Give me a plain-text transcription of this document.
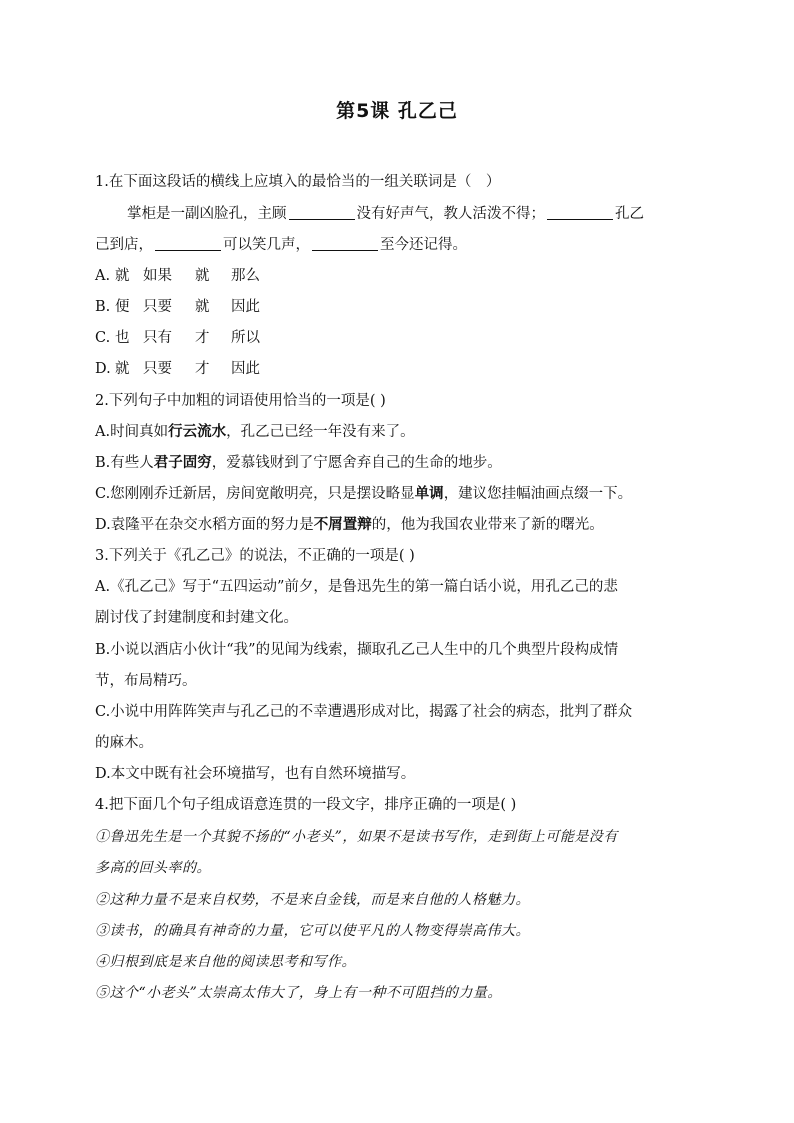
第5课 孔乙己
1.在下面这段话的横线上应填入的最恰当的一组关联词是（　）
掌柜是一副凶脸孔，主顾	没有好声气，教人活泼不得；	孔乙
己到店，	可以笑几声，	至今还记得。
A. 就 如果 就 那么
B. 便 只要 就 因此
C. 也 只有 才 所以
D. 就 只要 才 因此
2.下列句子中加粗的词语使用恰当的一项是( )
A.时间真如行云流水，孔乙己已经一年没有来了。
B.有些人君子固穷，爱慕钱财到了宁愿舍弃自己的生命的地步。
C.您刚刚乔迁新居，房间宽敞明亮，只是摆设略显单调，建议您挂幅油画点缀一下。
D.袁隆平在杂交水稻方面的努力是不屑置辩的，他为我国农业带来了新的曙光。
3.下列关于《孔乙己》的说法，不正确的一项是( )
A.《孔乙己》写于“五四运动”前夕，是鲁迅先生的第一篇白话小说，用孔乙己的悲
剧讨伐了封建制度和封建文化。
B.小说以酒店小伙计“我”的见闻为线索，撷取孔乙己人生中的几个典型片段构成情
节，布局精巧。
C.小说中用阵阵笑声与孔乙己的不幸遭遇形成对比，揭露了社会的病态，批判了群众
的麻木。
D.本文中既有社会环境描写，也有自然环境描写。
4.把下面几个句子组成语意连贯的一段文字，排序正确的一项是( )
①鲁迅先生是一个其貌不扬的“小老头”，如果不是读书写作，走到街上可能是没有
多高的回头率的。
②这种力量不是来自权势，不是来自金钱，而是来自他的人格魅力。
③读书，的确具有神奇的力量，它可以使平凡的人物变得崇高伟大。
④归根到底是来自他的阅读思考和写作。
⑤这个“小老头”太崇高太伟大了，身上有一种不可阻挡的力量。
